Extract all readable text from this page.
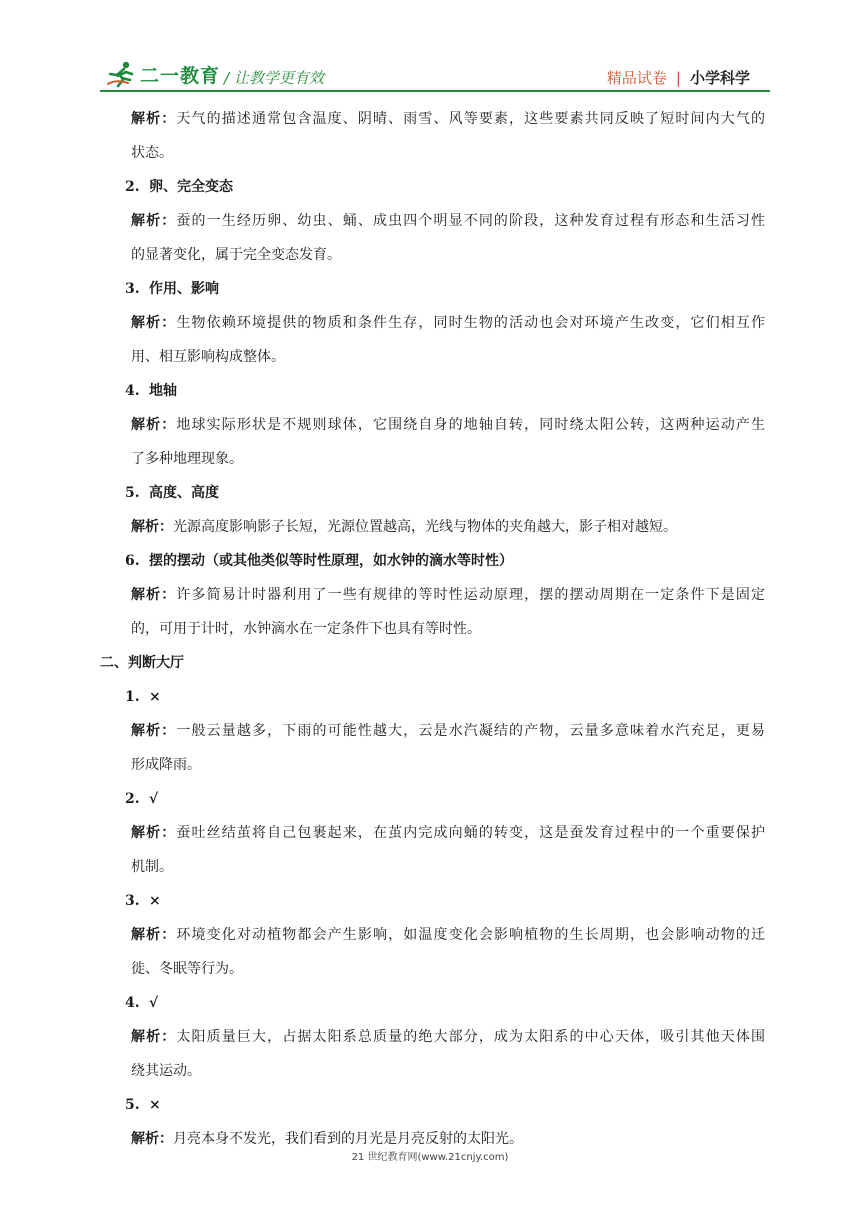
二一教育 / 让教学更有效	精品试卷 | 小学科学
解析：天气的描述通常包含温度、阴晴、雨雪、风等要素，这些要素共同反映了短时间内大气的
状态。
2. 卵、完全变态
解析：蚕的一生经历卵、幼虫、蛹、成虫四个明显不同的阶段，这种发育过程有形态和生活习性
的显著变化，属于完全变态发育。
3. 作用、影响
解析：生物依赖环境提供的物质和条件生存，同时生物的活动也会对环境产生改变，它们相互作
用、相互影响构成整体。
4. 地轴
解析：地球实际形状是不规则球体，它围绕自身的地轴自转，同时绕太阳公转，这两种运动产生
了多种地理现象。
5. 高度、高度
解析：光源高度影响影子长短，光源位置越高，光线与物体的夹角越大，影子相对越短。
6. 摆的摆动（或其他类似等时性原理，如水钟的滴水等时性）
解析：许多简易计时器利用了一些有规律的等时性运动原理，摆的摆动周期在一定条件下是固定
的，可用于计时，水钟滴水在一定条件下也具有等时性。
二、判断大厅
1. ×
解析：一般云量越多，下雨的可能性越大，云是水汽凝结的产物，云量多意味着水汽充足，更易
形成降雨。
2. √
解析：蚕吐丝结茧将自己包裹起来，在茧内完成向蛹的转变，这是蚕发育过程中的一个重要保护
机制。
3. ×
解析：环境变化对动植物都会产生影响，如温度变化会影响植物的生长周期，也会影响动物的迁
徙、冬眠等行为。
4. √
解析：太阳质量巨大，占据太阳系总质量的绝大部分，成为太阳系的中心天体，吸引其他天体围
绕其运动。
5. ×
解析：月亮本身不发光，我们看到的月光是月亮反射的太阳光。
21 世纪教育网(www.21cnjy.com)
